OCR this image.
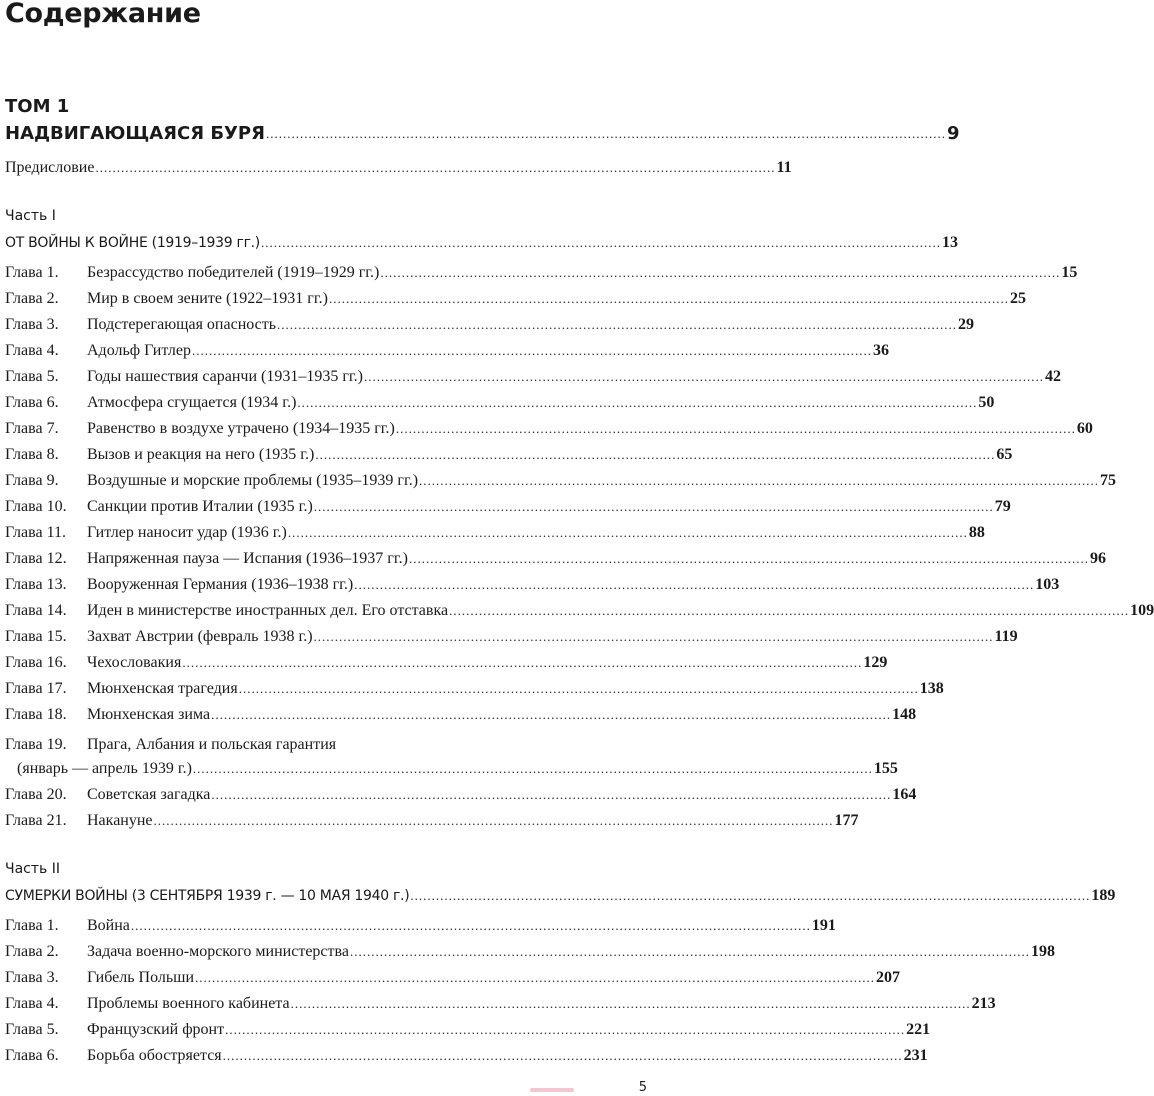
Содержание
ТОМ 1
НАДВИГАЮЩАЯСЯ БУРЯ ................................................................................................................................................................ 9
Предисловие ................................................................................................................................................................ 11
Часть I
ОТ ВОЙНЫ К ВОЙНЕ (1919–1939 гг.) ................................................................................................................................................................ 13
Глава 1. Безрассудство победителей (1919–1929 гг.) ................................................................................................................................................................ 15
Глава 2. Мир в своем зените (1922–1931 гг.) ................................................................................................................................................................ 25
Глава 3. Подстерегающая опасность ................................................................................................................................................................ 29
Глава 4. Адольф Гитлер ................................................................................................................................................................ 36
Глава 5. Годы нашествия саранчи (1931–1935 гг.) ................................................................................................................................................................ 42
Глава 6. Атмосфера сгущается (1934 г.) ................................................................................................................................................................ 50
Глава 7. Равенство в воздухе утрачено (1934–1935 гг.) ................................................................................................................................................................ 60
Глава 8. Вызов и реакция на него (1935 г.) ................................................................................................................................................................ 65
Глава 9. Воздушные и морские проблемы (1935–1939 гг.) ................................................................................................................................................................ 75
Глава 10. Санкции против Италии (1935 г.) ................................................................................................................................................................ 79
Глава 11. Гитлер наносит удар (1936 г.) ................................................................................................................................................................ 88
Глава 12. Напряженная пауза — Испания (1936–1937 гг.) ................................................................................................................................................................ 96
Глава 13. Вооруженная Германия (1936–1938 гг.) ................................................................................................................................................................ 103
Глава 14. Иден в министерстве иностранных дел. Его отставка ................................................................................................................................................................ 109
Глава 15. Захват Австрии (февраль 1938 г.) ................................................................................................................................................................ 119
Глава 16. Чехословакия ................................................................................................................................................................ 129
Глава 17. Мюнхенская трагедия ................................................................................................................................................................ 138
Глава 18. Мюнхенская зима ................................................................................................................................................................ 148
Глава 19. Прага, Албания и польская гарантия
(январь — апрель 1939 г.) ................................................................................................................................................................ 155
Глава 20. Советская загадка ................................................................................................................................................................ 164
Глава 21. Накануне ................................................................................................................................................................ 177
Часть II
СУМЕРКИ ВОЙНЫ (3 СЕНТЯБРЯ 1939 г. — 10 МАЯ 1940 г.) ................................................................................................................................................................ 189
Глава 1. Война ................................................................................................................................................................ 191
Глава 2. Задача военно-морского министерства ................................................................................................................................................................ 198
Глава 3. Гибель Польши ................................................................................................................................................................ 207
Глава 4. Проблемы военного кабинета ................................................................................................................................................................ 213
Глава 5. Французский фронт ................................................................................................................................................................ 221
Глава 6. Борьба обостряется ................................................................................................................................................................ 231
5
